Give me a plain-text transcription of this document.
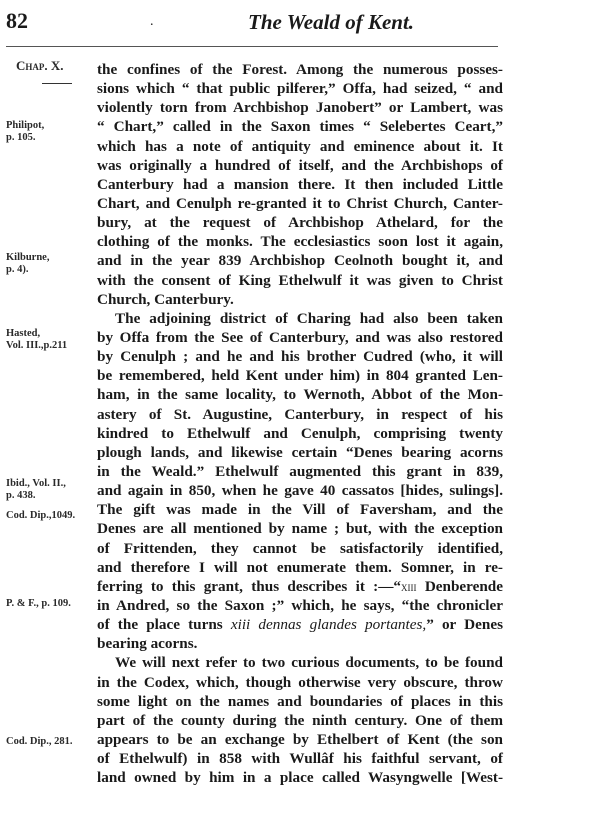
82	.	The Weald of Kent.
Chap. X.
Philipot,
p. 105.
Kilburne,
p. 4).
Hasted,
Vol. III.,p.211
Ibid., Vol. II.,
p. 438.
Cod. Dip.,1049.
P. & F., p. 109.
Cod. Dip., 281.
the confines of the Forest. Among the numerous posses-
sions which “ that public pilferer,” Offa, had seized, “ and
violently torn from Archbishop Janobert” or Lambert, was
“ Chart,” called in the Saxon times “ Selebertes Ceart,”
which has a note of antiquity and eminence about it. It
was originally a hundred of itself, and the Archbishops of
Canterbury had a mansion there. It then included Little
Chart, and Cenulph re-granted it to Christ Church, Canter-
bury, at the request of Archbishop Athelard, for the
clothing of the monks. The ecclesiastics soon lost it again,
and in the year 839 Archbishop Ceolnoth bought it, and
with the consent of King Ethelwulf it was given to Christ
Church, Canterbury.
The adjoining district of Charing had also been taken
by Offa from the See of Canterbury, and was also restored
by Cenulph ; and he and his brother Cudred (who, it will
be remembered, held Kent under him) in 804 granted Len-
ham, in the same locality, to Wernoth, Abbot of the Mon-
astery of St. Augustine, Canterbury, in respect of his
kindred to Ethelwulf and Cenulph, comprising twenty
plough lands, and likewise certain “Denes bearing acorns
in the Weald.” Ethelwulf augmented this grant in 839,
and again in 850, when he gave 40 cassatos [hides, sulings].
The gift was made in the Vill of Faversham, and the
Denes are all mentioned by name ; but, with the exception
of Frittenden, they cannot be satisfactorily identified,
and therefore I will not enumerate them. Somner, in re-
ferring to this grant, thus describes it :—“xiii Denberende
in Andred, so the Saxon ;” which, he says, “the chronicler
of the place turns xiii dennas glandes portantes,” or Denes
bearing acorns.
We will next refer to two curious documents, to be found
in the Codex, which, though otherwise very obscure, throw
some light on the names and boundaries of places in this
part of the county during the ninth century. One of them
appears to be an exchange by Ethelbert of Kent (the son
of Ethelwulf) in 858 with Wullâf his faithful servant, of
land owned by him in a place called Wasyngwelle [West-
